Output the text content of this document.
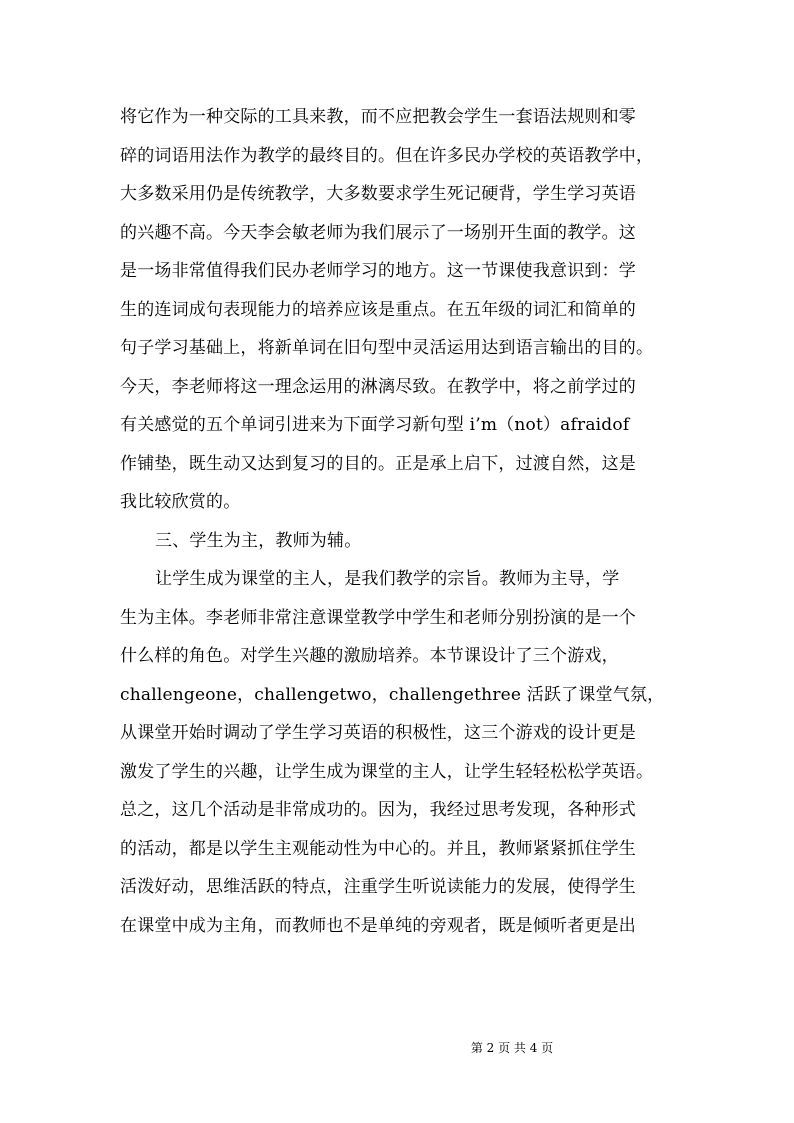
将它作为一种交际的工具来教，而不应把教会学生一套语法规则和零
碎的词语用法作为教学的最终目的。但在许多民办学校的英语教学中，
大多数采用仍是传统教学，大多数要求学生死记硬背，学生学习英语
的兴趣不高。今天李会敏老师为我们展示了一场别开生面的教学。这
是一场非常值得我们民办老师学习的地方。这一节课使我意识到：学
生的连词成句表现能力的培养应该是重点。在五年级的词汇和简单的
句子学习基础上，将新单词在旧句型中灵活运用达到语言输出的目的。
今天，李老师将这一理念运用的淋漓尽致。在教学中，将之前学过的
有关感觉的五个单词引进来为下面学习新句型 i’m（not）afraidof
作铺垫，既生动又达到复习的目的。正是承上启下，过渡自然，这是
我比较欣赏的。
三、学生为主，教师为辅。
让学生成为课堂的主人，是我们教学的宗旨。教师为主导，学
生为主体。李老师非常注意课堂教学中学生和老师分别扮演的是一个
什么样的角色。对学生兴趣的激励培养。本节课设计了三个游戏，
challengeone，challengetwo，challengethree 活跃了课堂气氛，
从课堂开始时调动了学生学习英语的积极性，这三个游戏的设计更是
激发了学生的兴趣，让学生成为课堂的主人，让学生轻轻松松学英语。
总之，这几个活动是非常成功的。因为，我经过思考发现，各种形式
的活动，都是以学生主观能动性为中心的。并且，教师紧紧抓住学生
活泼好动，思维活跃的特点，注重学生听说读能力的发展，使得学生
在课堂中成为主角，而教师也不是单纯的旁观者，既是倾听者更是出
第 2 页 共 4 页
